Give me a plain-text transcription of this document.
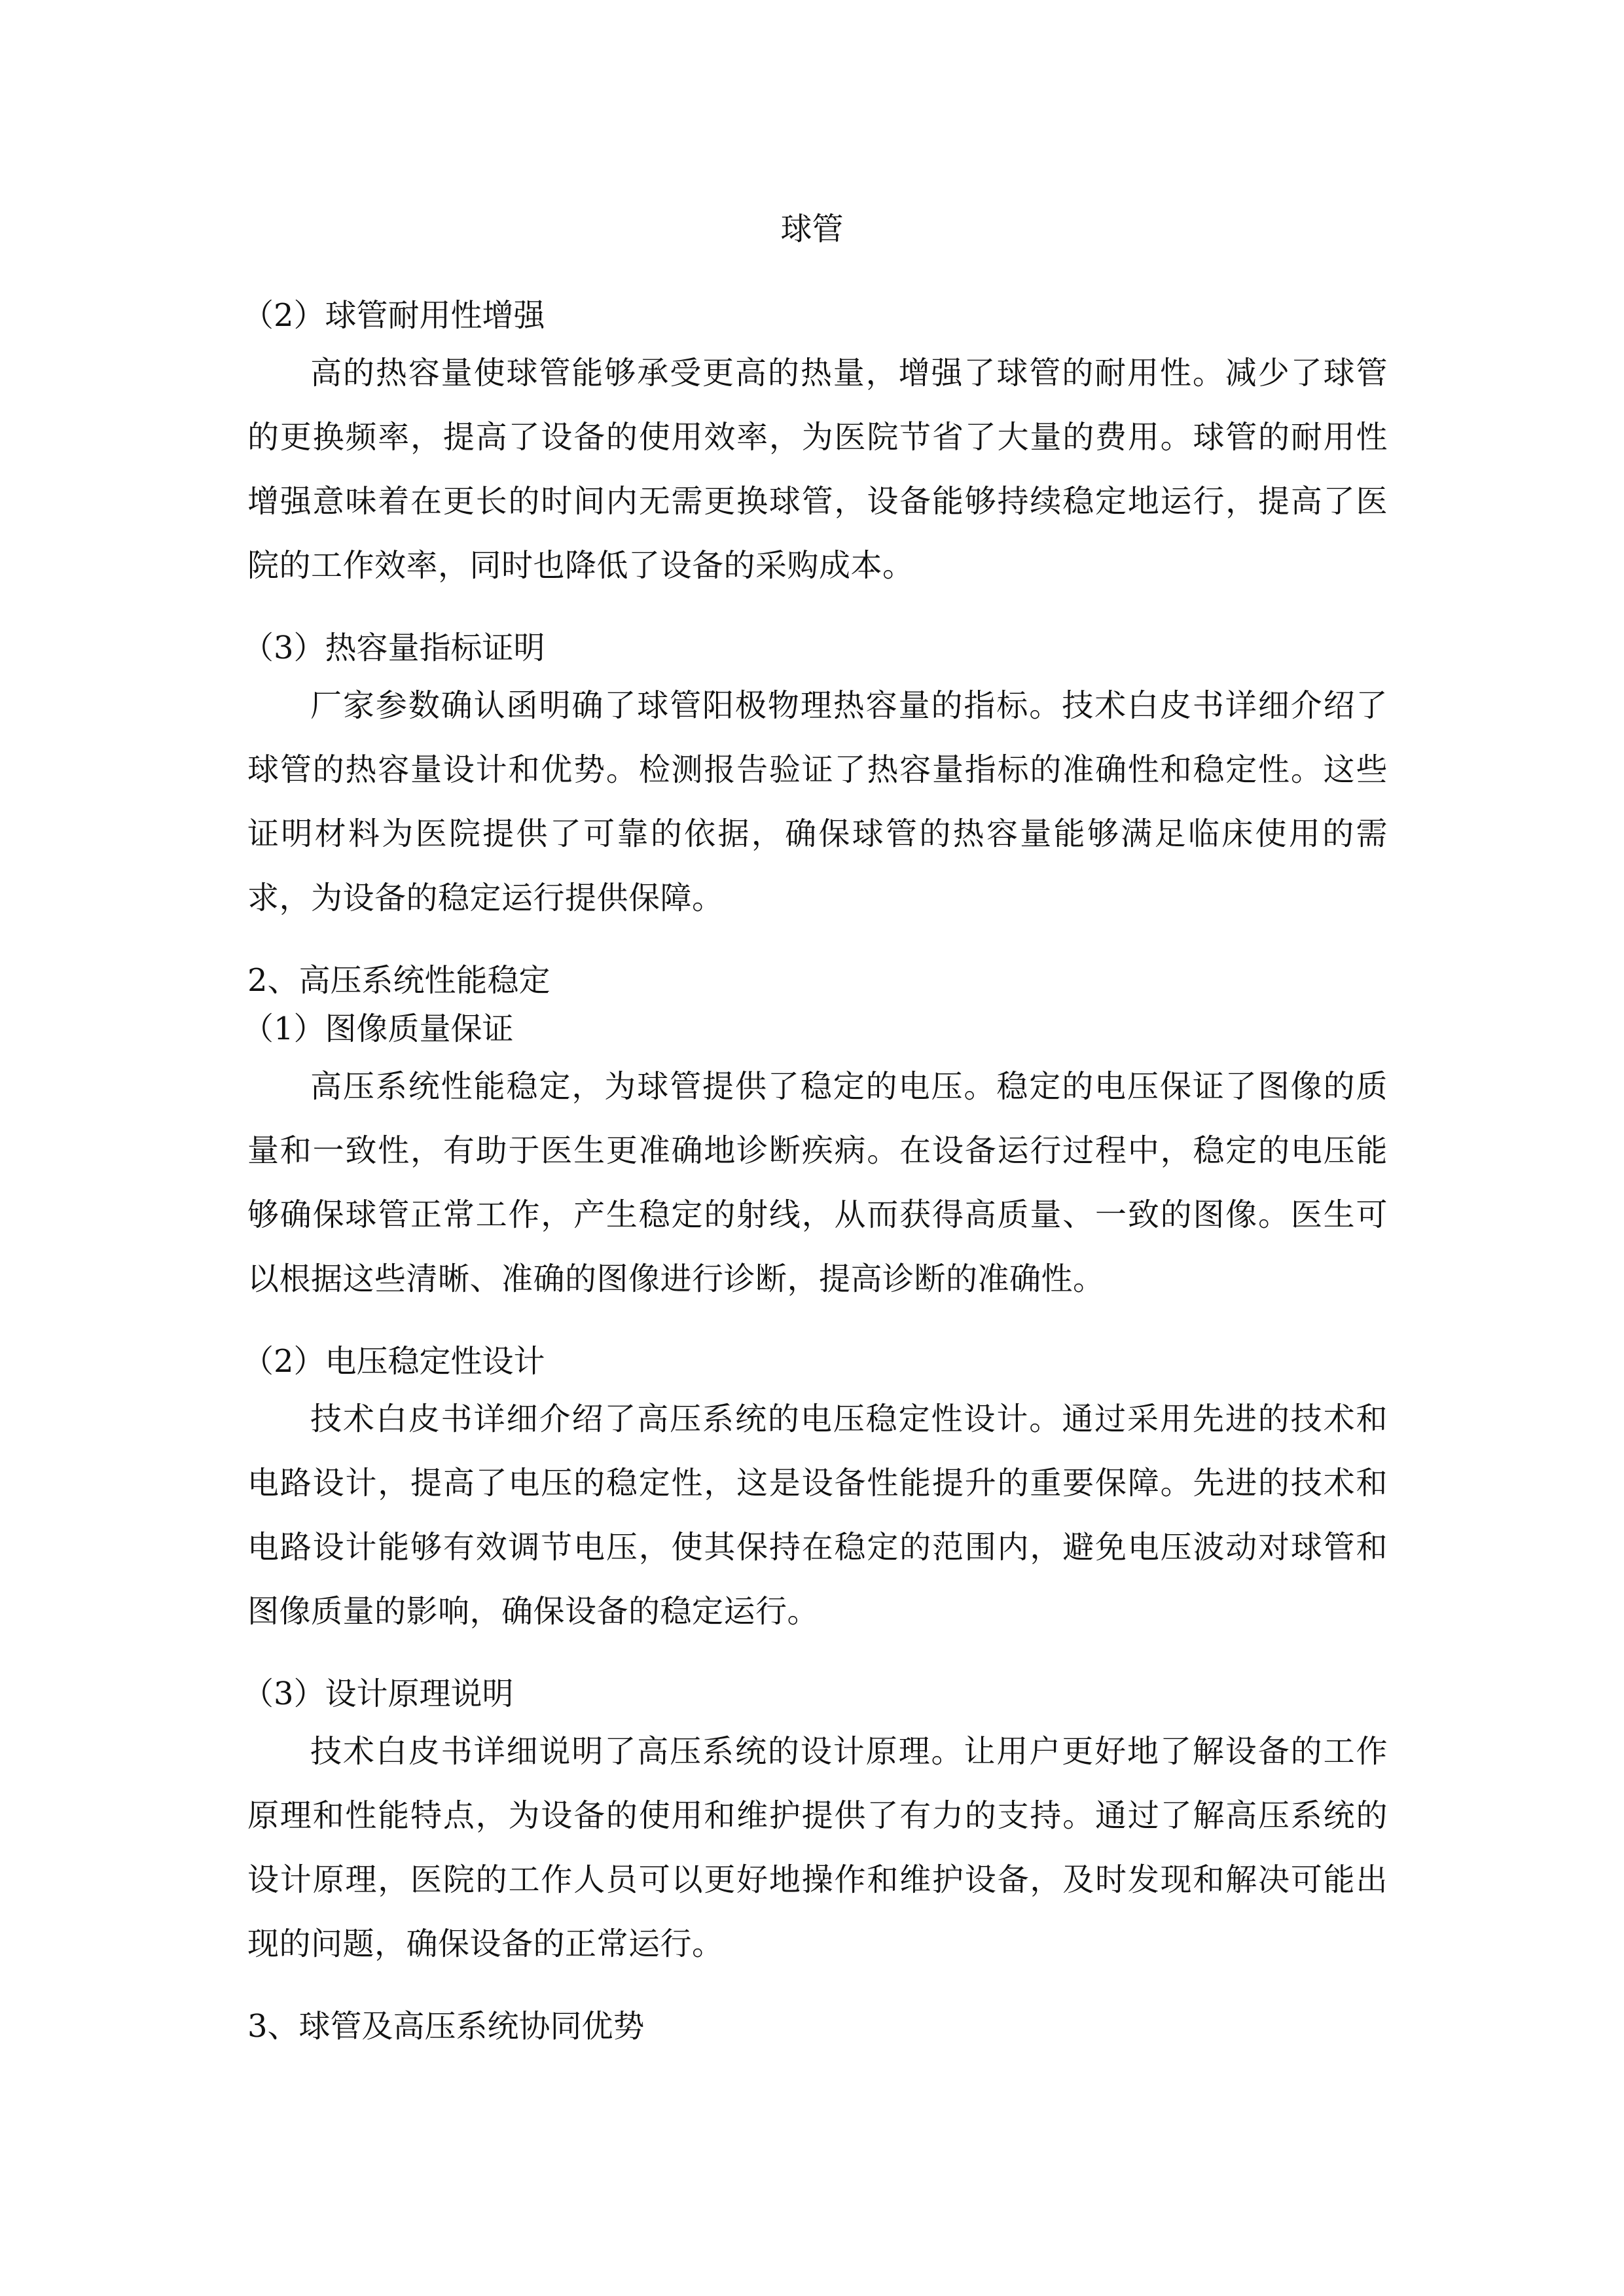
球管
（2）球管耐用性增强
高的热容量使球管能够承受更高的热量，增强了球管的耐用性。减少了球管的更换频率，提高了设备的使用效率，为医院节省了大量的费用。球管的耐用性增强意味着在更长的时间内无需更换球管，设备能够持续稳定地运行，提高了医院的工作效率，同时也降低了设备的采购成本。
（3）热容量指标证明
厂家参数确认函明确了球管阳极物理热容量的指标。技术白皮书详细介绍了球管的热容量设计和优势。检测报告验证了热容量指标的准确性和稳定性。这些证明材料为医院提供了可靠的依据，确保球管的热容量能够满足临床使用的需求，为设备的稳定运行提供保障。
2、高压系统性能稳定
（1）图像质量保证
高压系统性能稳定，为球管提供了稳定的电压。稳定的电压保证了图像的质量和一致性，有助于医生更准确地诊断疾病。在设备运行过程中，稳定的电压能够确保球管正常工作，产生稳定的射线，从而获得高质量、一致的图像。医生可以根据这些清晰、准确的图像进行诊断，提高诊断的准确性。
（2）电压稳定性设计
技术白皮书详细介绍了高压系统的电压稳定性设计。通过采用先进的技术和电路设计，提高了电压的稳定性，这是设备性能提升的重要保障。先进的技术和电路设计能够有效调节电压，使其保持在稳定的范围内，避免电压波动对球管和图像质量的影响，确保设备的稳定运行。
（3）设计原理说明
技术白皮书详细说明了高压系统的设计原理。让用户更好地了解设备的工作原理和性能特点，为设备的使用和维护提供了有力的支持。通过了解高压系统的设计原理，医院的工作人员可以更好地操作和维护设备，及时发现和解决可能出现的问题，确保设备的正常运行。
3、球管及高压系统协同优势
